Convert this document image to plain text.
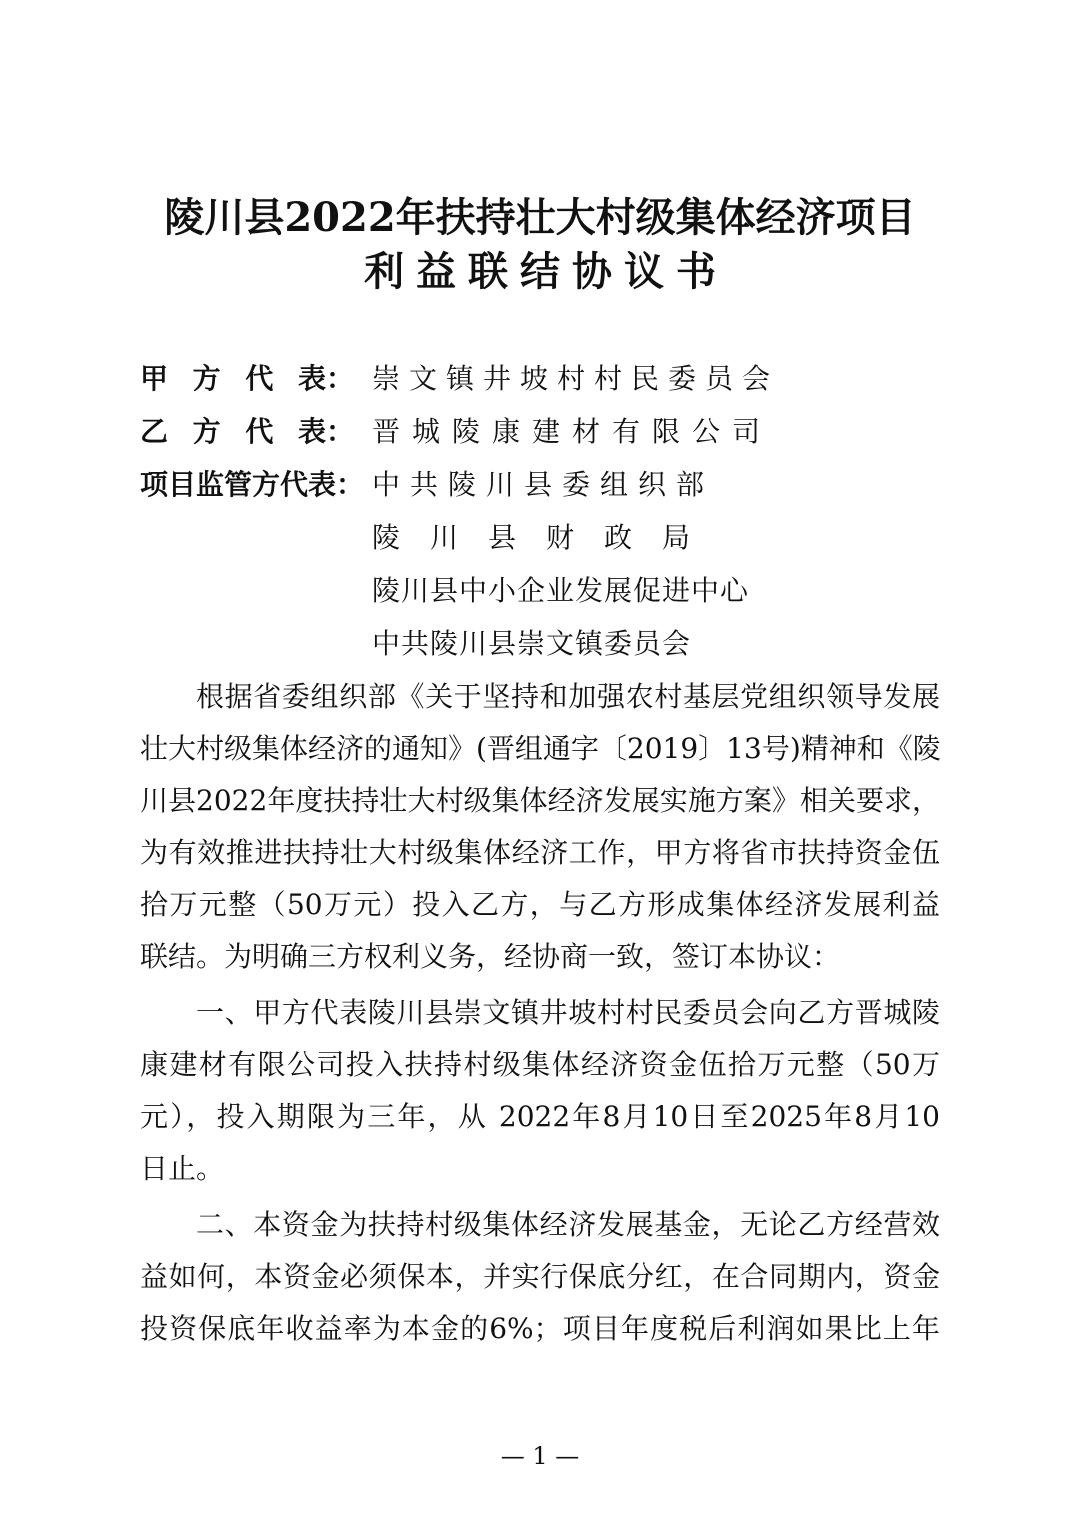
陵川县2022年扶持壮大村级集体经济项目
利益联结协议书
甲 方 代 表： 崇文镇井坡村村民委员会
乙 方 代 表： 晋城陵康建材有限公司
项目监管方代表： 中共陵川县委组织部
陵川县财政局
陵川县中小企业发展促进中心
中共陵川县崇文镇委员会
根据省委组织部《关于坚持和加强农村基层党组织领导发展
壮大村级集体经济的通知》(晋组通字〔2019〕13号)精神和《陵
川县2022年度扶持壮大村级集体经济发展实施方案》相关要求，
为有效推进扶持壮大村级集体经济工作，甲方将省市扶持资金伍
拾万元整（50万元）投入乙方，与乙方形成集体经济发展利益
联结。为明确三方权利义务，经协商一致，签订本协议：
一、甲方代表陵川县崇文镇井坡村村民委员会向乙方晋城陵
康建材有限公司投入扶持村级集体经济资金伍拾万元整（50万
元），投入期限为三年，从 2022年8月10日至2025年8月10
日止。
二、本资金为扶持村级集体经济发展基金，无论乙方经营效
益如何，本资金必须保本，并实行保底分红，在合同期内，资金
投资保底年收益率为本金的6%；项目年度税后利润如果比上年
— 1 —
